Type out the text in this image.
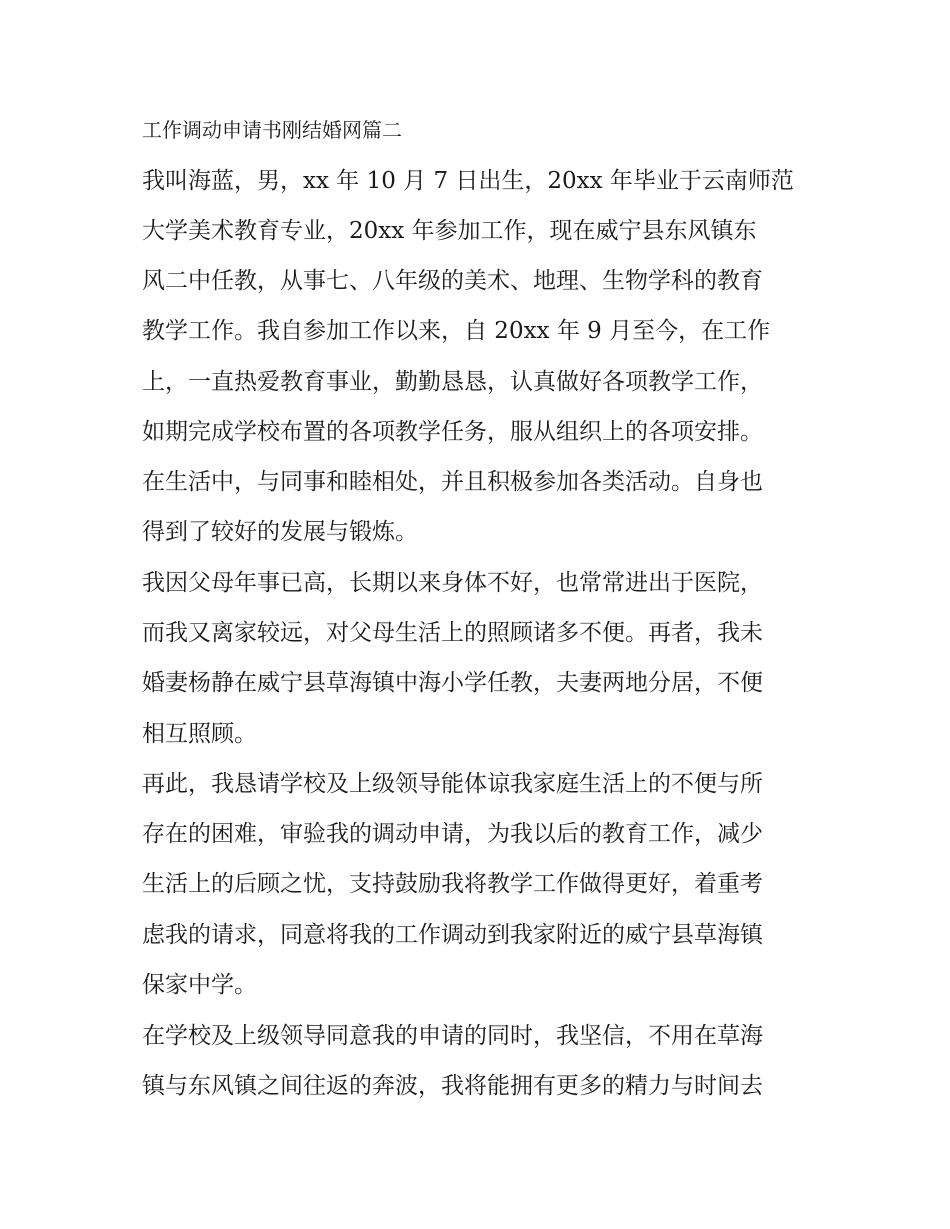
工作调动申请书刚结婚网篇二

我叫海蓝，男，xx 年 10 月 7 日出生，20xx 年毕业于云南师范

大学美术教育专业，20xx 年参加工作，现在威宁县东风镇东

风二中任教，从事七、八年级的美术、地理、生物学科的教育

教学工作。我自参加工作以来，自 20xx 年 9 月至今，在工作

上，一直热爱教育事业，勤勤恳恳，认真做好各项教学工作，

如期完成学校布置的各项教学任务，服从组织上的各项安排。

在生活中，与同事和睦相处，并且积极参加各类活动。自身也

得到了较好的发展与锻炼。

我因父母年事已高，长期以来身体不好，也常常进出于医院，

而我又离家较远，对父母生活上的照顾诸多不便。再者，我未

婚妻杨静在威宁县草海镇中海小学任教，夫妻两地分居，不便

相互照顾。

再此，我恳请学校及上级领导能体谅我家庭生活上的不便与所

存在的困难，审验我的调动申请，为我以后的教育工作，减少

生活上的后顾之忧，支持鼓励我将教学工作做得更好，着重考

虑我的请求，同意将我的工作调动到我家附近的威宁县草海镇

保家中学。

在学校及上级领导同意我的申请的同时，我坚信，不用在草海

镇与东风镇之间往返的奔波，我将能拥有更多的精力与时间去
